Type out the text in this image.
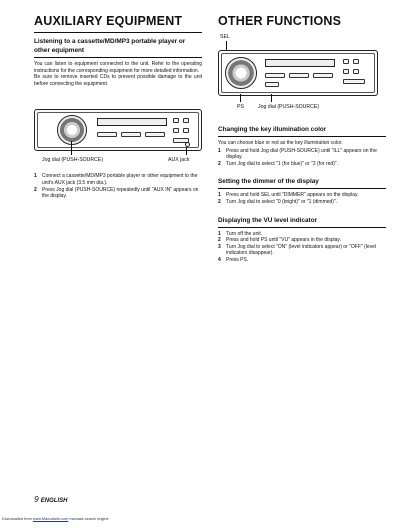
AUXILIARY EQUIPMENT
Listening to a cassette/MD/MP3 portable player or other equipment

You can listen to equipment connected to the unit. Refer to the operating instructions for the corresponding equipment for more detailed information.

Be sure to remove inserted CDs to prevent possible damage to the unit before connecting the equipment.

Jog dial (PUSH-SOURCE)	AUX jack
1	Connect a cassette/MD/MP3 portable player or other equipment to the unit's AUX jack (3.5 mm dia.).
2	Press Jog dial (PUSH-SOURCE) repeatedly until "AUX IN" appears on the display.
OTHER FUNCTIONS
SEL
PS	Jog dial (PUSH-SOURCE)
Changing the key illumination color

You can choose blue or red as the key illumination color.

1	Press and hold Jog dial (PUSH-SOURCE) until "ILL" appears on the display.
2	Turn Jog dial to select "1 (for blue)" or "2 (for red)".
Setting the dimmer of the display
1	Press and hold SEL until "DIMMER" appears on the display.
2	Turn Jog dial to select "0 (bright)" or "1 (dimmed)".
Displaying the VU level indicator
1	Turn off the unit.
2	Press and hold PS until "VU" appears in the display.
3	Turn Jog dial to select "ON" (level indicators appear) or "OFF" (level indicators disappear).
4	Press PS.
9 ENGLISH
Downloaded from www.Manualslib.com manuals search engine
